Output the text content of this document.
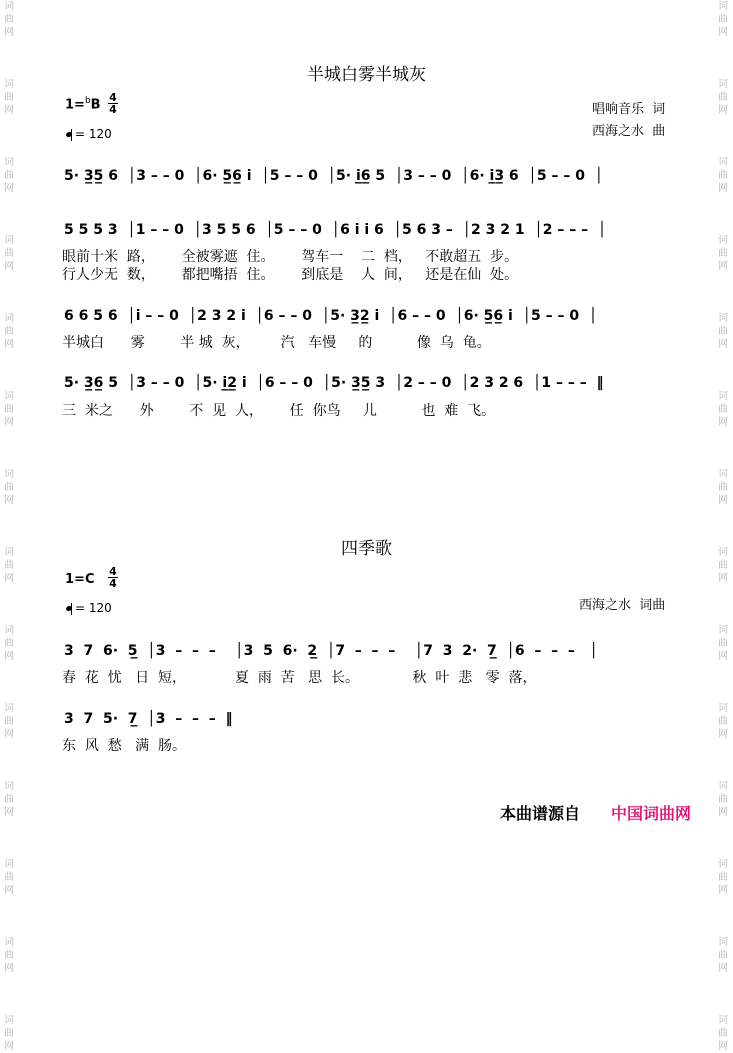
词
曲
网

词
曲
网

词
曲
网

词
曲
网

词
曲
网

词
曲
网

词
曲
网

词
曲
网

词
曲
网

词
曲
网

词
曲
网

词
曲
网

词
曲
网

词
曲
网
词
曲
网

词
曲
网

词
曲
网

词
曲
网

词
曲
网

词
曲
网

词
曲
网

词
曲
网

词
曲
网

词
曲
网

词
曲
网

词
曲
网

词
曲
网

词
曲
网
半城白雾半城灰
1=$^b$B 4
4
= 120
唱响音乐  词
西海之水  曲
5· 3̲5̲ 6  │3 – – 0  │6· 5̲6̲ i  │5 – – 0  │5· i̲6̲ 5  │3 – – 0  │6· i̲3̲ 6  │5 – – 0  │
5 5 5 3  │1 – – 0  │3 5 5 6  │5 – – 0  │6 i i 6  │5 6 3 –  │2 3 2 1  │2 – – –  │
眼前十米  路，      全被雾遮  住。      驾车一    二  档，   不敢超五  步。
行人少无  数，      都把嘴捂  住。      到底是    人  间，   还是在仙  处。
6 6 5 6  │i – – 0  │2 3 2 i  │6 – – 0  │5· 3̲2̲ i  │6 – – 0  │6· 5̲6̲ i  │5 – – 0  │
半城白      雾        半 城  灰，       汽   车慢     的          像  乌  龟。
5· 3̲6̲ 5  │3 – – 0  │5· i̲2̲ i  │6 – – 0  │5· 3̲5̲ 3  │2 – – 0  │2 3 2 6  │1 – – –  ‖
三  米之      外        不  见  人，      任  你鸟     儿          也  难  飞。
四季歌
1=C
4
4
= 120	西海之水  词曲
3  7  6·  5̲  │3  –  –  –    │3  5  6·  2̲  │7  –  –  –    │7  3  2·  7̲  │6  –  –  –   │
春  花  忧   日  短，           夏  雨  苦   思  长。            秋  叶  悲   零  落，
3  7  5·  7̲  │3  –  –  –  ‖
东  风  愁   满  肠。
本曲谱源自 中国词曲网
